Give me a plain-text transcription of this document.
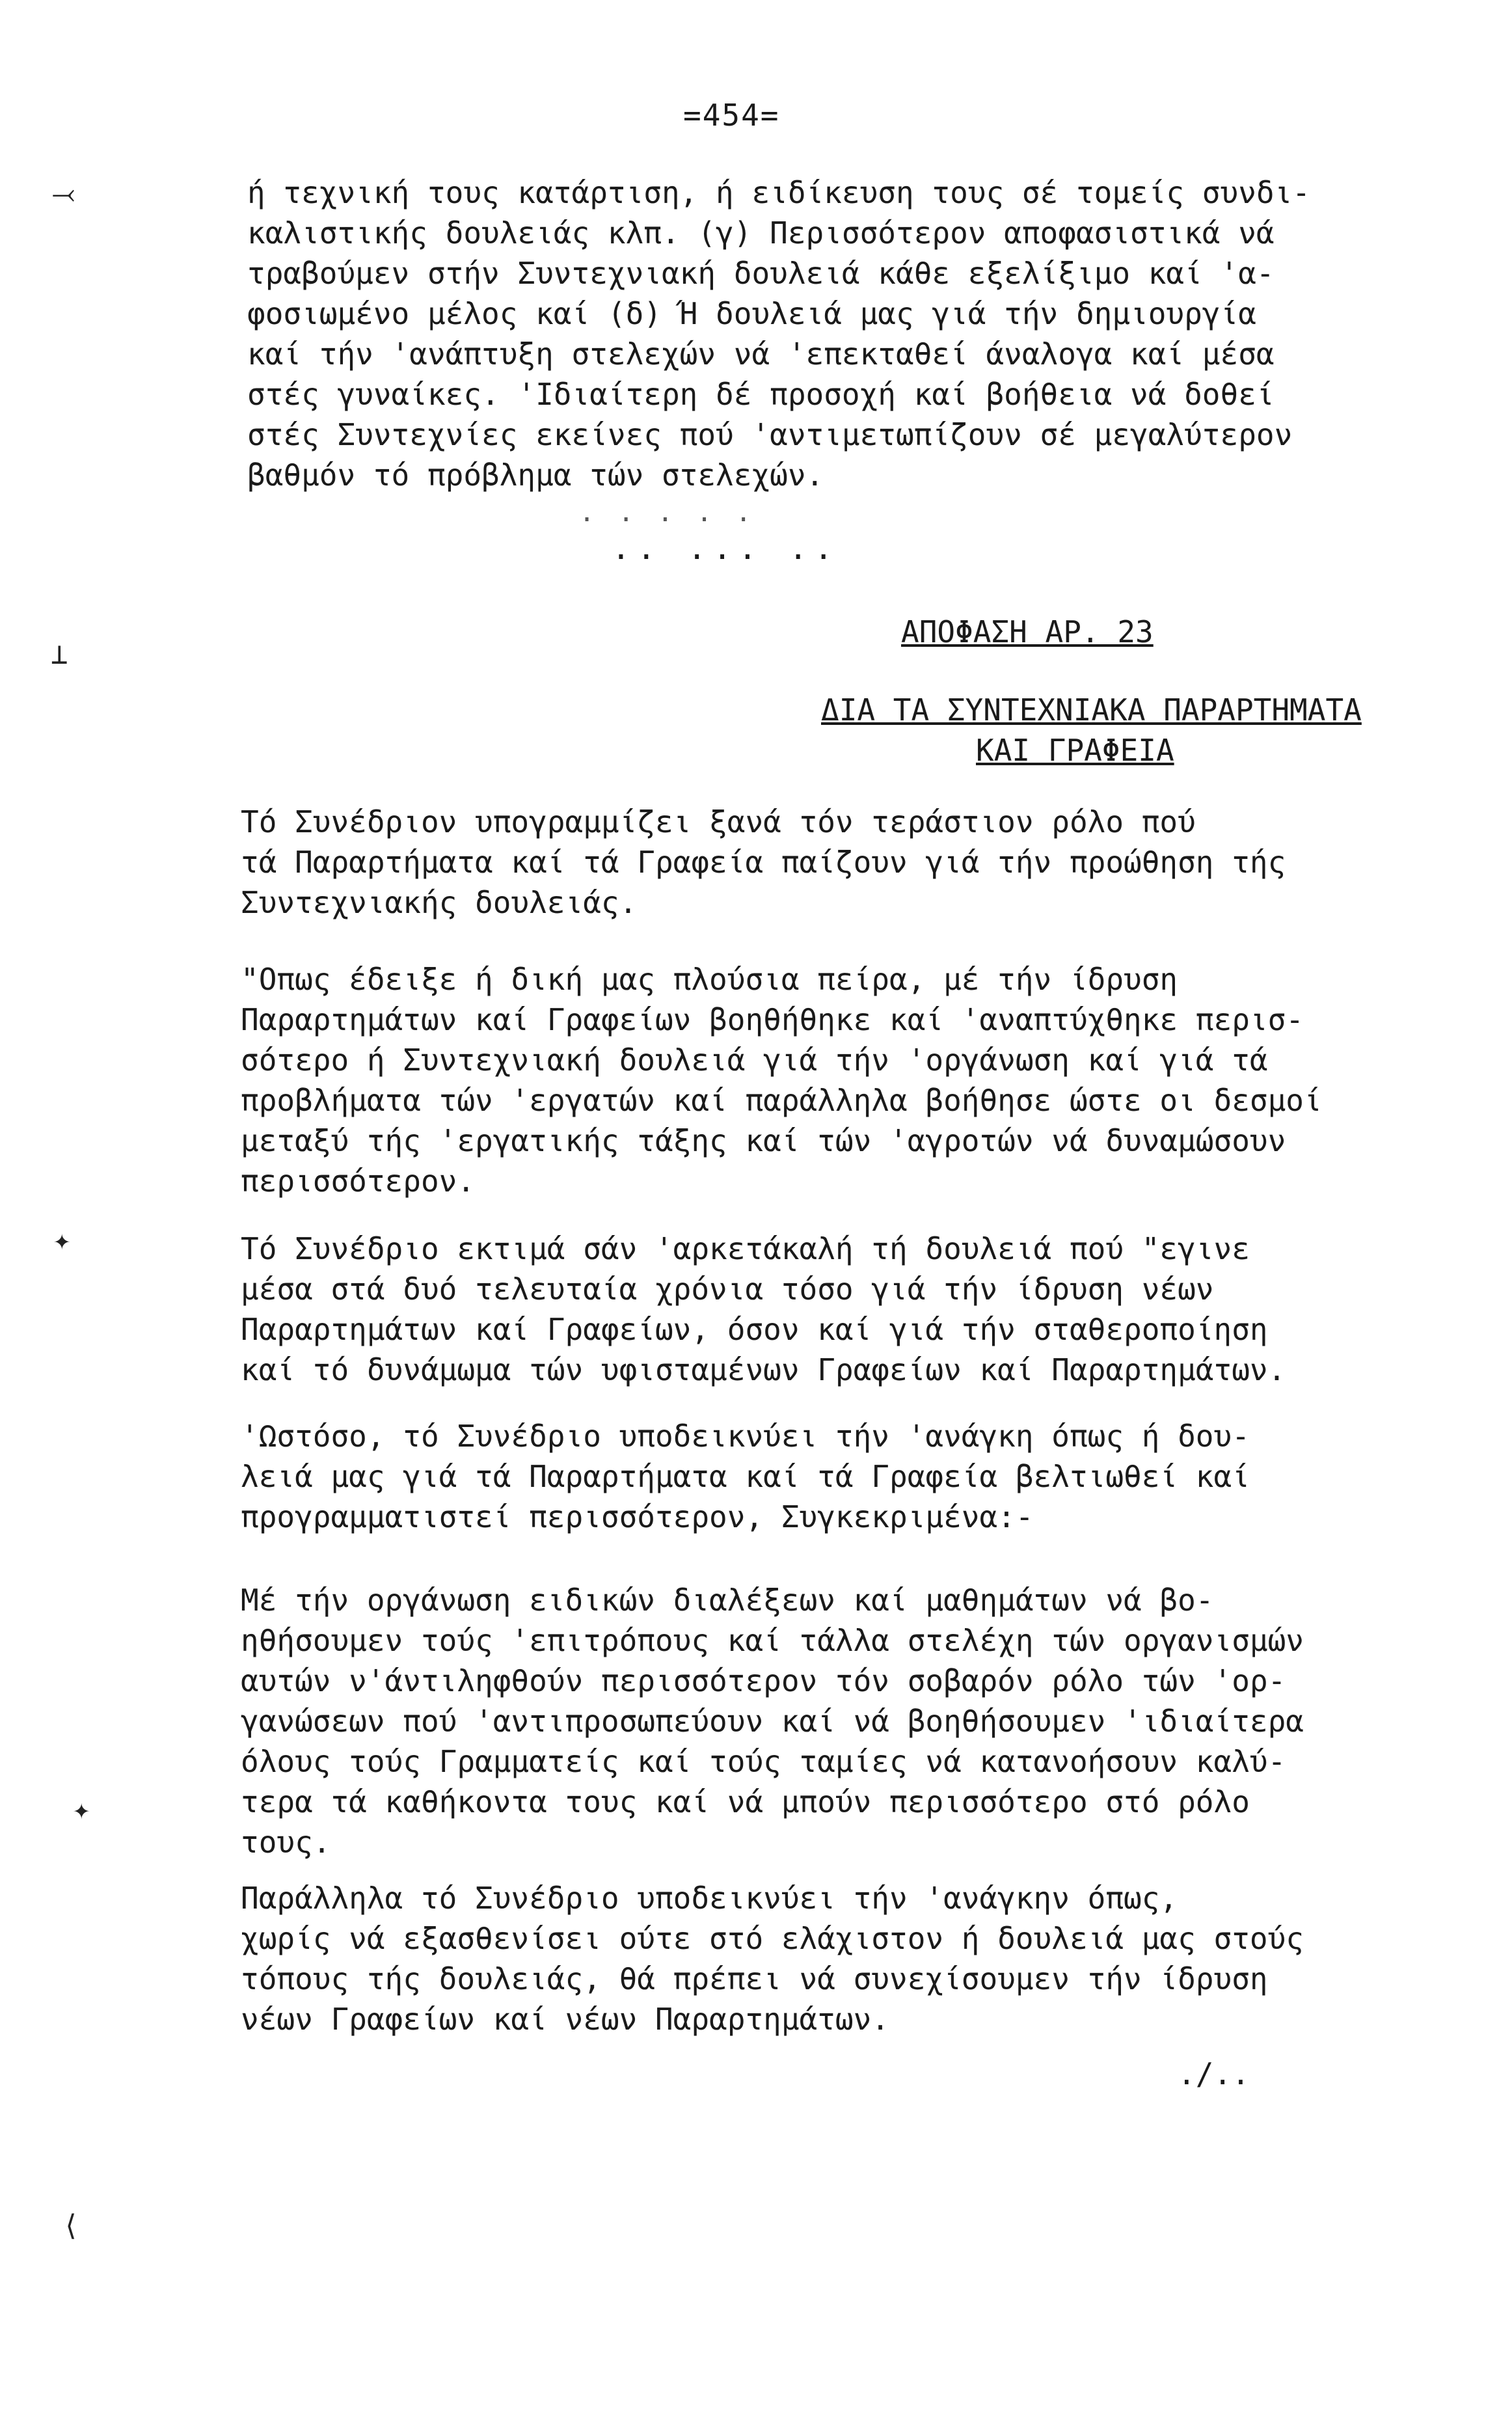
=454=
ή τεχνική τους κατάρτιση, ή ειδίκευση τους σέ τομείς συνδι-
καλιστικής δουλειάς κλπ. (γ) Περισσότερον αποφασιστικά νά
τραβούμεν στήν Συντεχνιακή δουλειά κάθε εξελίξιμο καί 'α-
φοσιωμένο μέλος καί (δ) Ή δουλειά μας γιά τήν δημιουργία
καί τήν 'ανάπτυξη στελεχών νά 'επεκταθεί άναλογα καί μέσα
στές γυναίκες. 'Ιδιαίτερη δέ προσοχή καί βοήθεια νά δοθεί
στές Συντεχνίες εκείνες πού 'αντιμετωπίζουν σέ μεγαλύτερον
βαθμόν τό πρόβλημα τών στελεχών.
. . . . .
.. ... ..
ΑΠΟΦΑΣΗ ΑΡ. 23
ΔΙΑ ΤΑ ΣΥΝΤΕΧΝΙΑΚΑ ΠΑΡΑΡΤΗΜΑΤΑ
ΚΑΙ ΓΡΑΦΕΙΑ
Τό Συνέδριον υπογραμμίζει ξανά τόν τεράστιον ρόλο πού
τά Παραρτήματα καί τά Γραφεία παίζουν γιά τήν προώθηση τής
Συντεχνιακής δουλειάς.
"Οπως έδειξε ή δική μας πλούσια πείρα, μέ τήν ίδρυση
Παραρτημάτων καί Γραφείων βοηθήθηκε καί 'αναπτύχθηκε περισ-
σότερο ή Συντεχνιακή δουλειά γιά τήν 'οργάνωση καί γιά τά
προβλήματα τών 'εργατών καί παράλληλα βοήθησε ώστε οι δεσμοί
μεταξύ τής 'εργατικής τάξης καί τών 'αγροτών νά δυναμώσουν
περισσότερον.
Τό Συνέδριο εκτιμά σάν 'αρκετάκαλή τή δουλειά πού "εγινε
μέσα στά δυό τελευταία χρόνια τόσο γιά τήν ίδρυση νέων
Παραρτημάτων καί Γραφείων, όσον καί γιά τήν σταθεροποίηση
καί τό δυνάμωμα τών υφισταμένων Γραφείων καί Παραρτημάτων.
'Ωστόσο, τό Συνέδριο υποδεικνύει τήν 'ανάγκη όπως ή δου-
λειά μας γιά τά Παραρτήματα καί τά Γραφεία βελτιωθεί καί
προγραμματιστεί περισσότερον, Συγκεκριμένα:-
Μέ τήν οργάνωση ειδικών διαλέξεων καί μαθημάτων νά βο-
ηθήσουμεν τούς 'επιτρόπους καί τάλλα στελέχη τών οργανισμών
αυτών ν'άντιληφθούν περισσότερον τόν σοβαρόν ρόλο τών 'ορ-
γανώσεων πού 'αντιπροσωπεύουν καί νά βοηθήσουμεν 'ιδιαίτερα
όλους τούς Γραμματείς καί τούς ταμίες νά κατανοήσουν καλύ-
τερα τά καθήκοντα τους καί νά μπούν περισσότερο στό ρόλο
τους.
Παράλληλα τό Συνέδριο υποδεικνύει τήν 'ανάγκην όπως,
χωρίς νά εξασθενίσει ούτε στό ελάχιστον ή δουλειά μας στούς
τόπους τής δουλειάς, θά πρέπει νά συνεχίσουμεν τήν ίδρυση
νέων Γραφείων καί νέων Παραρτημάτων.
./..
⤙
⊥
✦
✦
⟨
